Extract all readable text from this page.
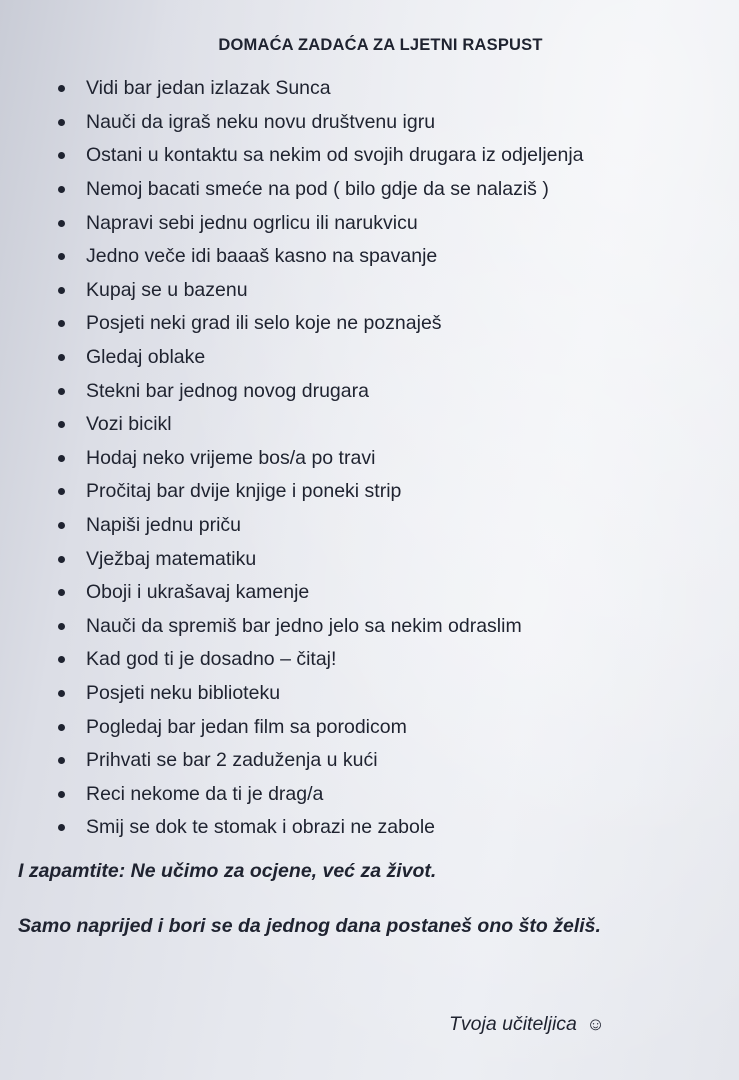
DOMAĆA ZADAĆA ZA LJETNI RASPUST
Vidi bar jedan izlazak Sunca
Nauči da igraš neku novu društvenu igru
Ostani u kontaktu sa nekim od svojih drugara iz odjeljenja
Nemoj bacati smeće na pod ( bilo gdje da se nalaziš )
Napravi sebi jednu ogrlicu ili narukvicu
Jedno veče idi baaaš kasno na spavanje
Kupaj se u bazenu
Posjeti neki grad ili selo koje ne poznaješ
Gledaj oblake
Stekni bar jednog novog drugara
Vozi bicikl
Hodaj neko vrijeme bos/a po travi
Pročitaj bar dvije knjige i poneki strip
Napiši jednu priču
Vježbaj matematiku
Oboji i ukrašavaj kamenje
Nauči da spremiš bar jedno jelo sa nekim odraslim
Kad god ti je dosadno – čitaj!
Posjeti neku biblioteku
Pogledaj bar jedan film sa porodicom
Prihvati se bar 2 zaduženja u kući
Reci nekome da ti je drag/a
Smij se dok te stomak i obrazi ne zabole

I zapamtite: Ne učimo za ocjene, već za život.

Samo naprijed i bori se da jednog dana postaneš ono što želiš.

Tvoja učiteljica ☺
